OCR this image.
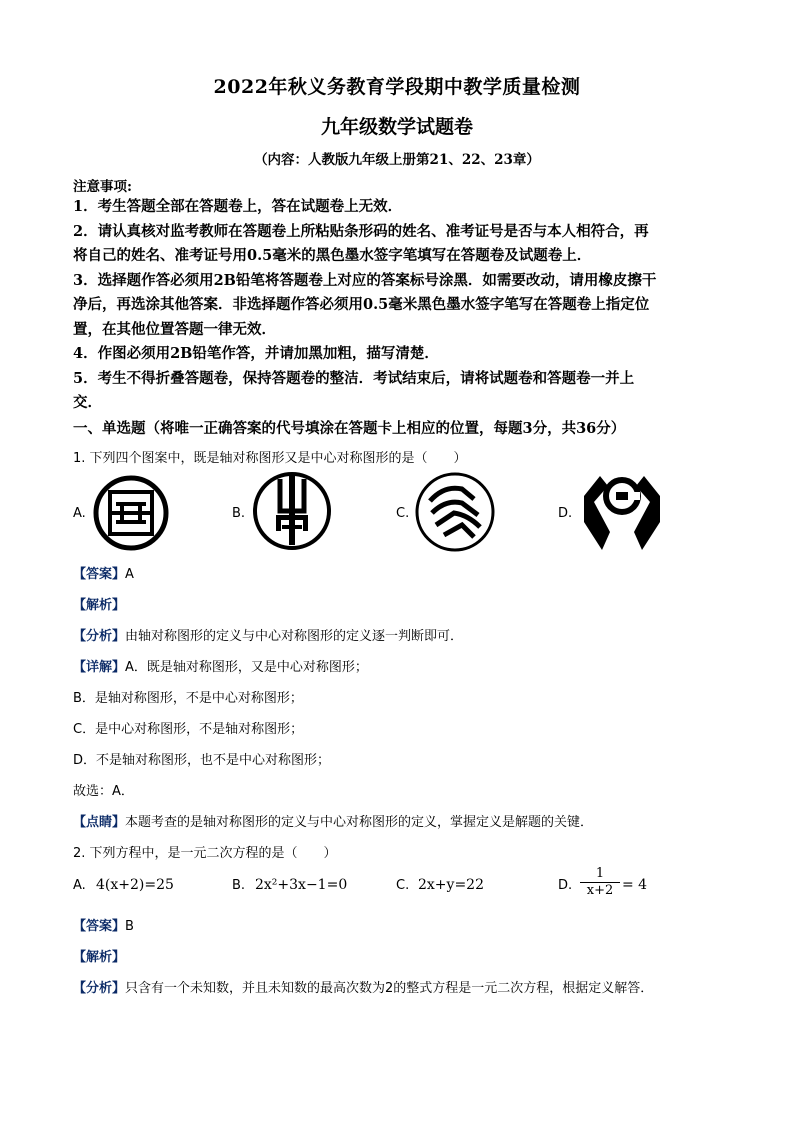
2022年秋义务教育学段期中教学质量检测
九年级数学试题卷
（内容：人教版九年级上册第21、22、23章）
注意事项:

1．考生答题全部在答题卷上，答在试题卷上无效．

2．请认真核对监考教师在答题卷上所粘贴条形码的姓名、准考证号是否与本人相符合，再

将自己的姓名、准考证号用0.5毫米的黑色墨水签字笔填写在答题卷及试题卷上．

3．选择题作答必须用2B铅笔将答题卷上对应的答案标号涂黑．如需要改动，请用橡皮擦干

净后，再选涂其他答案．非选择题作答必须用0.5毫米黑色墨水签字笔写在答题卷上指定位

置，在其他位置答题一律无效．

4．作图必须用2B铅笔作答，并请加黑加粗，描写清楚．

5．考生不得折叠答题卷，保持答题卷的整洁．考试结束后，请将试题卷和答题卷一并上

交．

一、单选题（将唯一正确答案的代号填涂在答题卡上相应的位置，每题3分，共36分）
1. 下列四个图案中，既是轴对称图形又是中心对称图形的是（　　）
A.	B.	C.	D.
【答案】A
【解析】
【分析】由轴对称图形的定义与中心对称图形的定义逐一判断即可．
【详解】A．既是轴对称图形，又是中心对称图形；
B．是轴对称图形，不是中心对称图形；
C．是中心对称图形，不是轴对称图形；
D．不是轴对称图形，也不是中心对称图形；
故选：A．
【点睛】本题考查的是轴对称图形的定义与中心对称图形的定义，掌握定义是解题的关键．
2. 下列方程中，是一元二次方程的是（　　）
A. 4(x+2)=25	B. 2x²+3x−1=0	C. 2x+y=22	D. $\frac{1}{x+2} = 4$
【答案】B
【解析】
【分析】只含有一个未知数，并且未知数的最高次数为2的整式方程是一元二次方程，根据定义解答．
